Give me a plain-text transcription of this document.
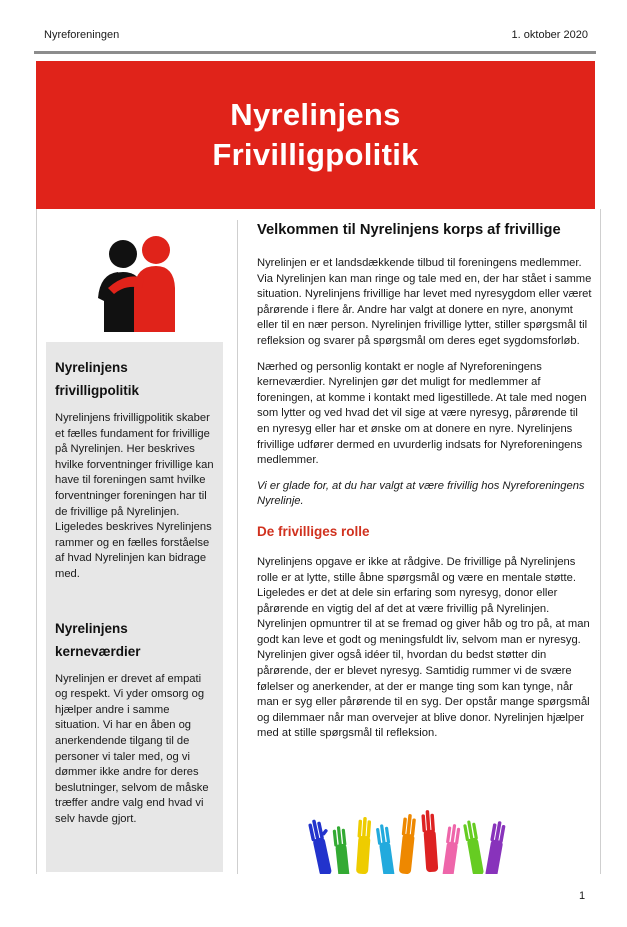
Nyreforeningen	1. oktober 2020
Nyrelinjens
Frivilligpolitik
Nyrelinjens frivilligpolitik
Nyrelinjens frivilligpolitik skaber et fælles fundament for frivillige på Nyrelinjen. Her beskrives hvilke forventninger frivillige kan have til foreningen samt hvilke forventninger foreningen har til de frivillige på Nyrelinjen. Ligeledes beskrives Nyrelinjens rammer og en fælles forståelse af hvad Nyrelinjen kan bidrage med.
Nyrelinjens kerneværdier
Nyrelinjen er drevet af empati og respekt. Vi yder omsorg og hjælper andre i samme situation. Vi har en åben og anerkendende tilgang til de personer vi taler med, og vi dømmer ikke andre for deres beslutninger, selvom de måske træffer andre valg end hvad vi selv havde gjort.
Velkommen til Nyrelinjens korps af frivillige
Nyrelinjen er et landsdækkende tilbud til foreningens medlemmer. Via Nyrelinjen kan man ringe og tale med en, der har stået i samme situation. Nyrelinjens frivillige har levet med nyresygdom eller været pårørende i flere år. Andre har valgt at donere en nyre, anonymt eller til en nær person. Nyrelinjen frivillige lytter, stiller spørgsmål til refleksion og svarer på spørgsmål om deres eget sygdomsforløb.
Nærhed og personlig kontakt er nogle af Nyreforeningens kerneværdier. Nyrelinjen gør det muligt for medlemmer af foreningen, at komme i kontakt med ligestillede. At tale med nogen som lytter og ved hvad det vil sige at være nyresyg, pårørende til en nyresyg eller har et ønske om at donere en nyre. Nyrelinjens frivillige udfører dermed en uvurderlig indsats for Nyreforeningens medlemmer.
Vi er glade for, at du har valgt at være frivillig hos Nyreforeningens Nyrelinje.
De frivilliges rolle
Nyrelinjens opgave er ikke at rådgive. De frivillige på Nyrelinjens rolle er at lytte, stille åbne spørgsmål og være en mentale støtte. Ligeledes er det at dele sin erfaring som nyresyg, donor eller pårørende en vigtig del af det at være frivillig på Nyrelinjen. Nyrelinjen opmuntrer til at se fremad og giver håb og tro på, at man godt kan leve et godt og meningsfuldt liv, selvom man er nyresyg. Nyrelinjen giver også idéer til, hvordan du bedst støtter din pårørende, der er blevet nyresyg. Samtidig rummer vi de svære følelser og anerkender, at der er mange ting som kan tynge, når man er syg eller pårørende til en syg. Der opstår mange spørgsmål og dilemmaer når man overvejer at blive donor. Nyrelinjen hjælper med at stille spørgsmål til refleksion.
1
